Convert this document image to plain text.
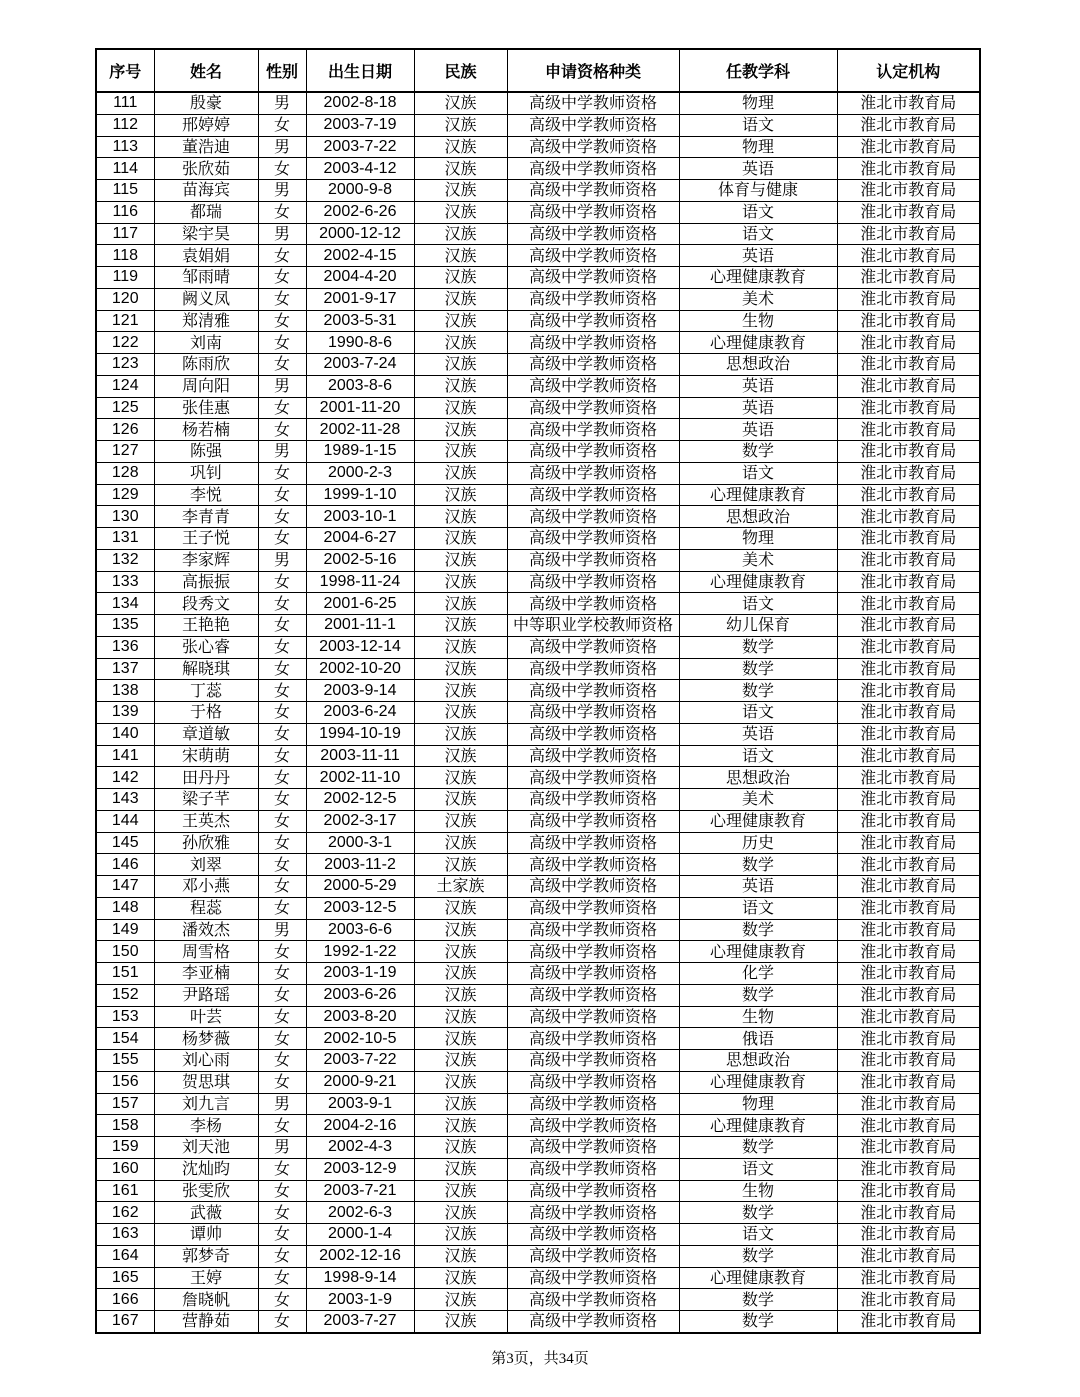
序号	姓名	性别	出生日期	民族	申请资格种类	任教学科	认定机构
111	殷豪	男	2002-8-18	汉族	高级中学教师资格	物理	淮北市教育局
112	邢婷婷	女	2003-7-19	汉族	高级中学教师资格	语文	淮北市教育局
113	董浩迪	男	2003-7-22	汉族	高级中学教师资格	物理	淮北市教育局
114	张欣茹	女	2003-4-12	汉族	高级中学教师资格	英语	淮北市教育局
115	苗海宾	男	2000-9-8	汉族	高级中学教师资格	体育与健康	淮北市教育局
116	都瑞	女	2002-6-26	汉族	高级中学教师资格	语文	淮北市教育局
117	梁宇昊	男	2000-12-12	汉族	高级中学教师资格	语文	淮北市教育局
118	袁娟娟	女	2002-4-15	汉族	高级中学教师资格	英语	淮北市教育局
119	邹雨晴	女	2004-4-20	汉族	高级中学教师资格	心理健康教育	淮北市教育局
120	阙义凤	女	2001-9-17	汉族	高级中学教师资格	美术	淮北市教育局
121	郑清雅	女	2003-5-31	汉族	高级中学教师资格	生物	淮北市教育局
122	刘南	女	1990-8-6	汉族	高级中学教师资格	心理健康教育	淮北市教育局
123	陈雨欣	女	2003-7-24	汉族	高级中学教师资格	思想政治	淮北市教育局
124	周向阳	男	2003-8-6	汉族	高级中学教师资格	英语	淮北市教育局
125	张佳惠	女	2001-11-20	汉族	高级中学教师资格	英语	淮北市教育局
126	杨若楠	女	2002-11-28	汉族	高级中学教师资格	英语	淮北市教育局
127	陈强	男	1989-1-15	汉族	高级中学教师资格	数学	淮北市教育局
128	巩钊	女	2000-2-3	汉族	高级中学教师资格	语文	淮北市教育局
129	李悦	女	1999-1-10	汉族	高级中学教师资格	心理健康教育	淮北市教育局
130	李青青	女	2003-10-1	汉族	高级中学教师资格	思想政治	淮北市教育局
131	王子悦	女	2004-6-27	汉族	高级中学教师资格	物理	淮北市教育局
132	李家辉	男	2002-5-16	汉族	高级中学教师资格	美术	淮北市教育局
133	高振振	女	1998-11-24	汉族	高级中学教师资格	心理健康教育	淮北市教育局
134	段秀文	女	2001-6-25	汉族	高级中学教师资格	语文	淮北市教育局
135	王艳艳	女	2001-11-1	汉族	中等职业学校教师资格	幼儿保育	淮北市教育局
136	张心睿	女	2003-12-14	汉族	高级中学教师资格	数学	淮北市教育局
137	解晓琪	女	2002-10-20	汉族	高级中学教师资格	数学	淮北市教育局
138	丁蕊	女	2003-9-14	汉族	高级中学教师资格	数学	淮北市教育局
139	于格	女	2003-6-24	汉族	高级中学教师资格	语文	淮北市教育局
140	章道敏	女	1994-10-19	汉族	高级中学教师资格	英语	淮北市教育局
141	宋萌萌	女	2003-11-11	汉族	高级中学教师资格	语文	淮北市教育局
142	田丹丹	女	2002-11-10	汉族	高级中学教师资格	思想政治	淮北市教育局
143	梁子芊	女	2002-12-5	汉族	高级中学教师资格	美术	淮北市教育局
144	王英杰	女	2002-3-17	汉族	高级中学教师资格	心理健康教育	淮北市教育局
145	孙欣雅	女	2000-3-1	汉族	高级中学教师资格	历史	淮北市教育局
146	刘翠	女	2003-11-2	汉族	高级中学教师资格	数学	淮北市教育局
147	邓小燕	女	2000-5-29	土家族	高级中学教师资格	英语	淮北市教育局
148	程蕊	女	2003-12-5	汉族	高级中学教师资格	语文	淮北市教育局
149	潘效杰	男	2003-6-6	汉族	高级中学教师资格	数学	淮北市教育局
150	周雪格	女	1992-1-22	汉族	高级中学教师资格	心理健康教育	淮北市教育局
151	李亚楠	女	2003-1-19	汉族	高级中学教师资格	化学	淮北市教育局
152	尹路瑶	女	2003-6-26	汉族	高级中学教师资格	数学	淮北市教育局
153	叶芸	女	2003-8-20	汉族	高级中学教师资格	生物	淮北市教育局
154	杨梦薇	女	2002-10-5	汉族	高级中学教师资格	俄语	淮北市教育局
155	刘心雨	女	2003-7-22	汉族	高级中学教师资格	思想政治	淮北市教育局
156	贺思琪	女	2000-9-21	汉族	高级中学教师资格	心理健康教育	淮北市教育局
157	刘九言	男	2003-9-1	汉族	高级中学教师资格	物理	淮北市教育局
158	李杨	女	2004-2-16	汉族	高级中学教师资格	心理健康教育	淮北市教育局
159	刘天池	男	2002-4-3	汉族	高级中学教师资格	数学	淮北市教育局
160	沈灿昀	女	2003-12-9	汉族	高级中学教师资格	语文	淮北市教育局
161	张雯欣	女	2003-7-21	汉族	高级中学教师资格	生物	淮北市教育局
162	武薇	女	2002-6-3	汉族	高级中学教师资格	数学	淮北市教育局
163	谭帅	女	2000-1-4	汉族	高级中学教师资格	语文	淮北市教育局
164	郭梦奇	女	2002-12-16	汉族	高级中学教师资格	数学	淮北市教育局
165	王婷	女	1998-9-14	汉族	高级中学教师资格	心理健康教育	淮北市教育局
166	詹晓帆	女	2003-1-9	汉族	高级中学教师资格	数学	淮北市教育局
167	营静茹	女	2003-7-27	汉族	高级中学教师资格	数学	淮北市教育局
第3页，共34页
